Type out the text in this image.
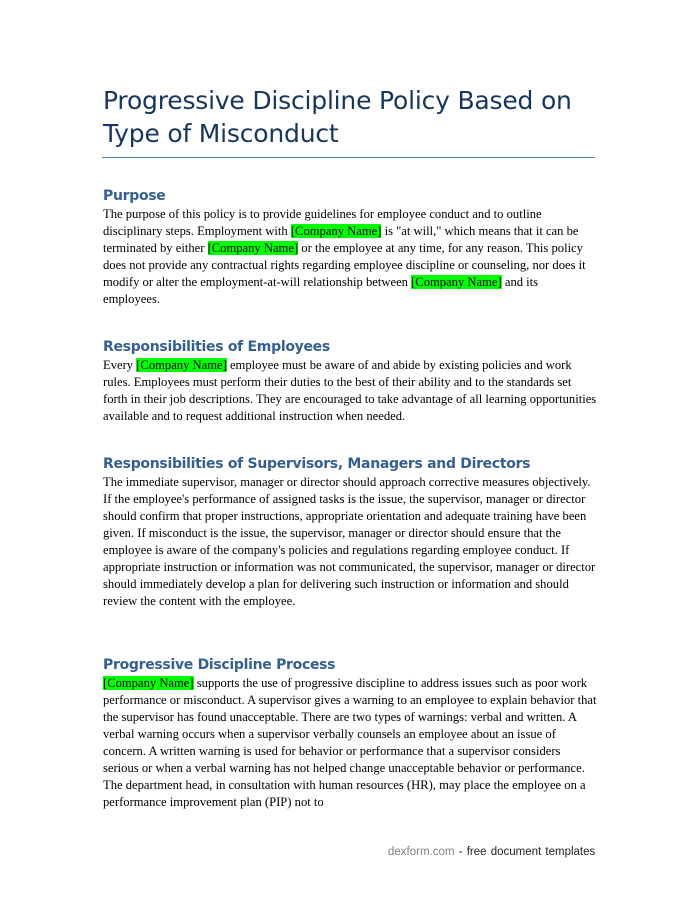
Progressive Discipline Policy Based on Type of Misconduct
Purpose

The purpose of this policy is to provide guidelines for employee conduct and to outline disciplinary steps. Employment with [Company Name] is "at will," which means that it can be terminated by either [Company Name] or the employee at any time, for any reason. This policy does not provide any contractual rights regarding employee discipline or counseling, nor does it modify or alter the employment-at-will relationship between [Company Name] and its employees.

Responsibilities of Employees

Every [Company Name] employee must be aware of and abide by existing policies and work rules. Employees must perform their duties to the best of their ability and to the standards set forth in their job descriptions. They are encouraged to take advantage of all learning opportunities available and to request additional instruction when needed.

Responsibilities of Supervisors, Managers and Directors

The immediate supervisor, manager or director should approach corrective measures objectively. If the employee's performance of assigned tasks is the issue, the supervisor, manager or director should confirm that proper instructions, appropriate orientation and adequate training have been given. If misconduct is the issue, the supervisor, manager or director should ensure that the employee is aware of the company's policies and regulations regarding employee conduct. If appropriate instruction or information was not communicated, the supervisor, manager or director should immediately develop a plan for delivering such instruction or information and should review the content with the employee.

Progressive Discipline Process

[Company Name] supports the use of progressive discipline to address issues such as poor work performance or misconduct. A supervisor gives a warning to an employee to explain behavior that the supervisor has found unacceptable. There are two types of warnings: verbal and written. A verbal warning occurs when a supervisor verbally counsels an employee about an issue of concern. A written warning is used for behavior or performance that a supervisor considers serious or when a verbal warning has not helped change unacceptable behavior or performance. The department head, in consultation with human resources (HR), may place the employee on a performance improvement plan (PIP) not to

dexform.com - free document templates
